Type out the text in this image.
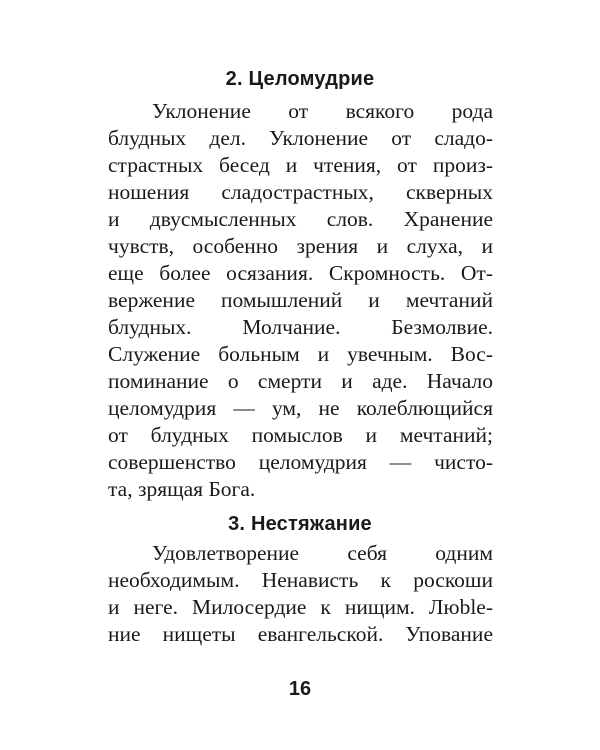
2. Целомудрие
Уклонение от всякого рода
блудных дел. Уклонение от сладо-
страстных бесед и чтения, от произ-
ношения сладострастных, скверных
и двусмысленных слов. Хранение
чувств, особенно зрения и слуха, и
еще более осязания. Скромность. От-
вержение помышлений и мечтаний
блудных. Молчание. Безмолвие.
Служение больным и увечным. Вос-
поминание о смерти и аде. Начало
целомудрия — ум, не колеблющийся
от блудных помыслов и мечтаний;
совершенство целомудрия — чисто-
та, зрящая Бога.
3. Нестяжание
Удовлетворение себя одним
необходимым. Ненависть к роскоши
и неге. Милосердие к нищим. Люble-
ние нищеты евангельской. Упование
16
